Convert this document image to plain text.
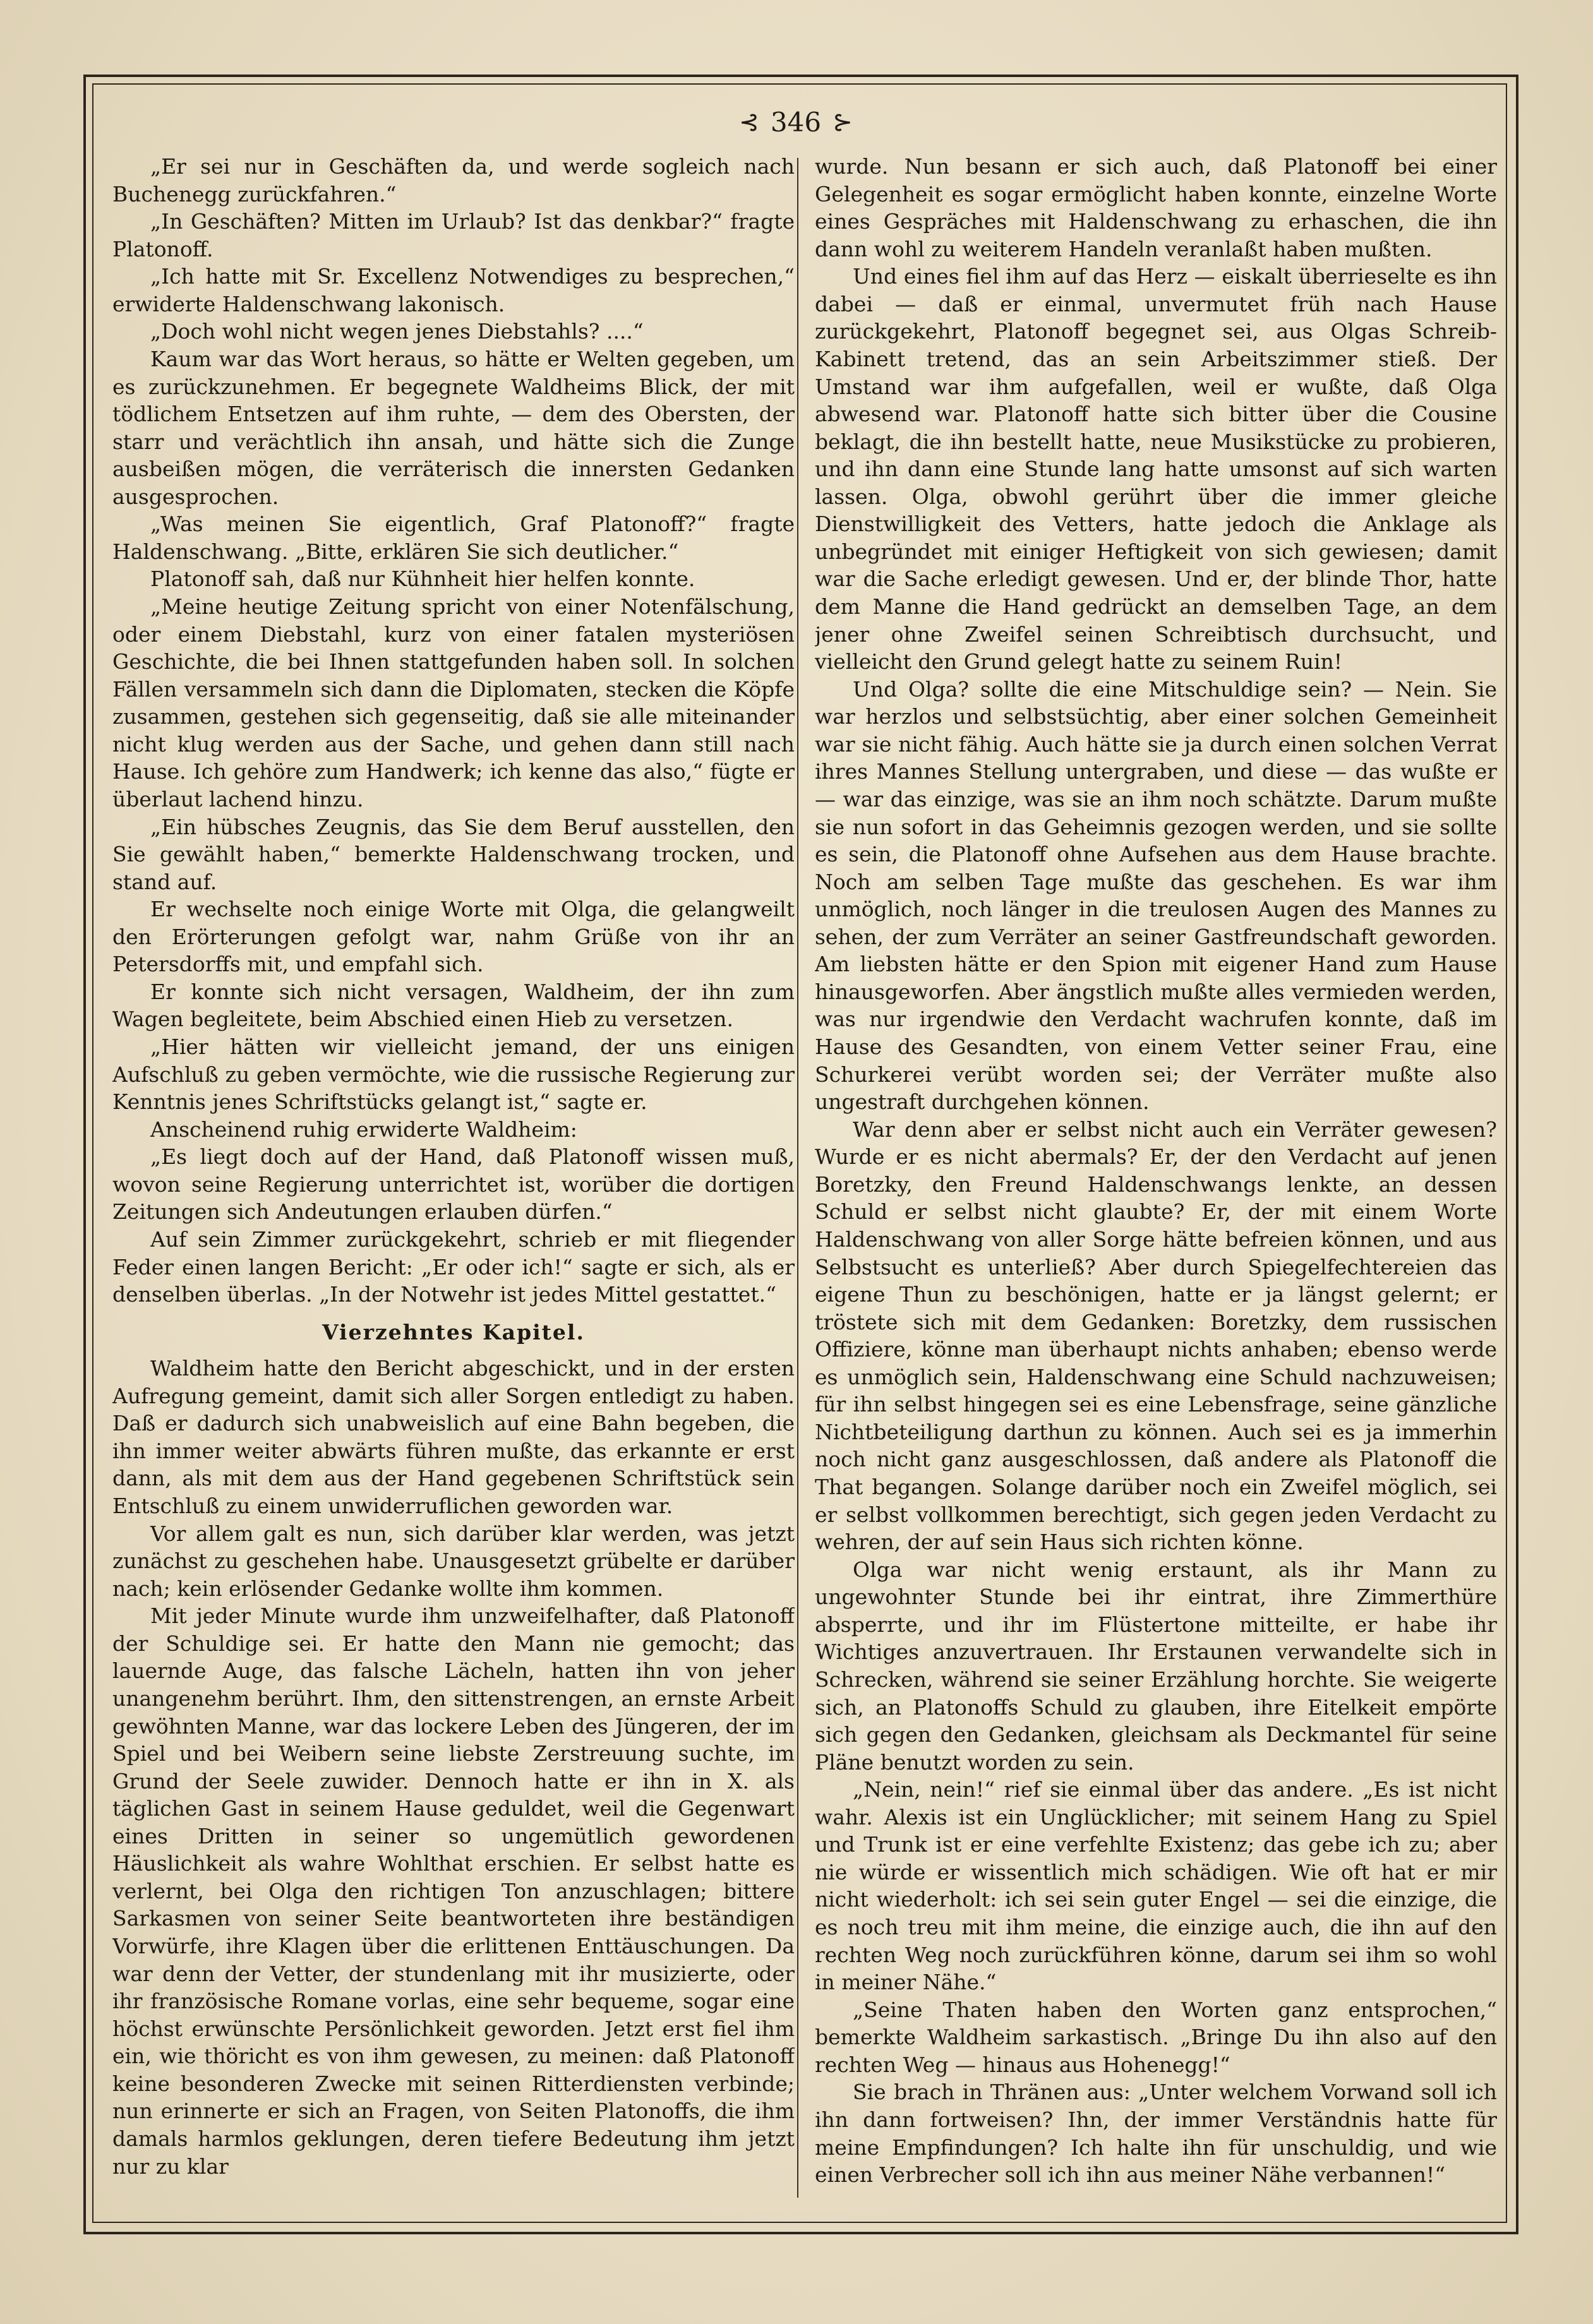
⊰ 346 ⊱

„Er sei nur in Geschäften da, und werde sogleich nach Buchenegg zurückfahren.“

„In Geschäften? Mitten im Urlaub? Ist das denkbar?“ fragte Platonoff.

„Ich hatte mit Sr. Excellenz Notwendiges zu besprechen,“ erwiderte Haldenschwang lakonisch.

„Doch wohl nicht wegen jenes Diebstahls? ....“

Kaum war das Wort heraus, so hätte er Welten gegeben, um es zurückzunehmen. Er begegnete Waldheims Blick, der mit tödlichem Entsetzen auf ihm ruhte, — dem des Obersten, der starr und verächtlich ihn ansah, und hätte sich die Zunge ausbeißen mögen, die verräterisch die innersten Gedanken ausgesprochen.

„Was meinen Sie eigentlich, Graf Platonoff?“ fragte Haldenschwang. „Bitte, erklären Sie sich deutlicher.“

Platonoff sah, daß nur Kühnheit hier helfen konnte.

„Meine heutige Zeitung spricht von einer Notenfälschung, oder einem Diebstahl, kurz von einer fatalen mysteriösen Geschichte, die bei Ihnen stattgefunden haben soll. In solchen Fällen versammeln sich dann die Diplomaten, stecken die Köpfe zusammen, gestehen sich gegenseitig, daß sie alle miteinander nicht klug werden aus der Sache, und gehen dann still nach Hause. Ich gehöre zum Handwerk; ich kenne das also,“ fügte er überlaut lachend hinzu.

„Ein hübsches Zeugnis, das Sie dem Beruf ausstellen, den Sie gewählt haben,“ bemerkte Haldenschwang trocken, und stand auf.

Er wechselte noch einige Worte mit Olga, die gelangweilt den Erörterungen gefolgt war, nahm Grüße von ihr an Petersdorffs mit, und empfahl sich.

Er konnte sich nicht versagen, Waldheim, der ihn zum Wagen begleitete, beim Abschied einen Hieb zu versetzen.

„Hier hätten wir vielleicht jemand, der uns einigen Aufschluß zu geben vermöchte, wie die russische Regierung zur Kenntnis jenes Schriftstücks gelangt ist,“ sagte er.

Anscheinend ruhig erwiderte Waldheim:

„Es liegt doch auf der Hand, daß Platonoff wissen muß, wovon seine Regierung unterrichtet ist, worüber die dortigen Zeitungen sich Andeutungen erlauben dürfen.“

Auf sein Zimmer zurückgekehrt, schrieb er mit fliegender Feder einen langen Bericht: „Er oder ich!“ sagte er sich, als er denselben überlas. „In der Notwehr ist jedes Mittel gestattet.“

Vierzehntes Kapitel.

Waldheim hatte den Bericht abgeschickt, und in der ersten Aufregung gemeint, damit sich aller Sorgen entledigt zu haben. Daß er dadurch sich unabweislich auf eine Bahn begeben, die ihn immer weiter abwärts führen mußte, das erkannte er erst dann, als mit dem aus der Hand gegebenen Schriftstück sein Entschluß zu einem unwiderruflichen geworden war.

Vor allem galt es nun, sich darüber klar werden, was jetzt zunächst zu geschehen habe. Unausgesetzt grübelte er darüber nach; kein erlösender Gedanke wollte ihm kommen.

Mit jeder Minute wurde ihm unzweifelhafter, daß Platonoff der Schuldige sei. Er hatte den Mann nie gemocht; das lauernde Auge, das falsche Lächeln, hatten ihn von jeher unangenehm berührt. Ihm, den sittenstrengen, an ernste Arbeit gewöhnten Manne, war das lockere Leben des Jüngeren, der im Spiel und bei Weibern seine liebste Zerstreuung suchte, im Grund der Seele zuwider. Dennoch hatte er ihn in X. als täglichen Gast in seinem Hause geduldet, weil die Gegenwart eines Dritten in seiner so ungemütlich gewordenen Häuslichkeit als wahre Wohlthat erschien. Er selbst hatte es verlernt, bei Olga den richtigen Ton anzuschlagen; bittere Sarkasmen von seiner Seite beantworteten ihre beständigen Vorwürfe, ihre Klagen über die erlittenen Enttäuschungen. Da war denn der Vetter, der stundenlang mit ihr musizierte, oder ihr französische Romane vorlas, eine sehr bequeme, sogar eine höchst erwünschte Persönlichkeit geworden. Jetzt erst fiel ihm ein, wie thöricht es von ihm gewesen, zu meinen: daß Platonoff keine besonderen Zwecke mit seinen Ritterdiensten verbinde; nun erinnerte er sich an Fragen, von Seiten Platonoffs, die ihm damals harmlos geklungen, deren tiefere Bedeutung ihm jetzt nur zu klar

wurde. Nun besann er sich auch, daß Platonoff bei einer Gelegenheit es sogar ermöglicht haben konnte, einzelne Worte eines Gespräches mit Haldenschwang zu erhaschen, die ihn dann wohl zu weiterem Handeln veranlaßt haben mußten.

Und eines fiel ihm auf das Herz — eiskalt überrieselte es ihn dabei — daß er einmal, unvermutet früh nach Hause zurückgekehrt, Platonoff begegnet sei, aus Olgas Schreib-Kabinett tretend, das an sein Arbeitszimmer stieß. Der Umstand war ihm aufgefallen, weil er wußte, daß Olga abwesend war. Platonoff hatte sich bitter über die Cousine beklagt, die ihn bestellt hatte, neue Musikstücke zu probieren, und ihn dann eine Stunde lang hatte umsonst auf sich warten lassen. Olga, obwohl gerührt über die immer gleiche Dienstwilligkeit des Vetters, hatte jedoch die Anklage als unbegründet mit einiger Heftigkeit von sich gewiesen; damit war die Sache erledigt gewesen. Und er, der blinde Thor, hatte dem Manne die Hand gedrückt an demselben Tage, an dem jener ohne Zweifel seinen Schreibtisch durchsucht, und vielleicht den Grund gelegt hatte zu seinem Ruin!

Und Olga? sollte die eine Mitschuldige sein? — Nein. Sie war herzlos und selbstsüchtig, aber einer solchen Gemeinheit war sie nicht fähig. Auch hätte sie ja durch einen solchen Verrat ihres Mannes Stellung untergraben, und diese — das wußte er — war das einzige, was sie an ihm noch schätzte. Darum mußte sie nun sofort in das Geheimnis gezogen werden, und sie sollte es sein, die Platonoff ohne Aufsehen aus dem Hause brachte. Noch am selben Tage mußte das geschehen. Es war ihm unmöglich, noch länger in die treulosen Augen des Mannes zu sehen, der zum Verräter an seiner Gastfreundschaft geworden. Am liebsten hätte er den Spion mit eigener Hand zum Hause hinausgeworfen. Aber ängstlich mußte alles vermieden werden, was nur irgendwie den Verdacht wachrufen konnte, daß im Hause des Gesandten, von einem Vetter seiner Frau, eine Schurkerei verübt worden sei; der Verräter mußte also ungestraft durchgehen können.

War denn aber er selbst nicht auch ein Verräter gewesen? Wurde er es nicht abermals? Er, der den Verdacht auf jenen Boretzky, den Freund Haldenschwangs lenkte, an dessen Schuld er selbst nicht glaubte? Er, der mit einem Worte Haldenschwang von aller Sorge hätte befreien können, und aus Selbstsucht es unterließ? Aber durch Spiegelfechtereien das eigene Thun zu beschönigen, hatte er ja längst gelernt; er tröstete sich mit dem Gedanken: Boretzky, dem russischen Offiziere, könne man überhaupt nichts anhaben; ebenso werde es unmöglich sein, Haldenschwang eine Schuld nachzuweisen; für ihn selbst hingegen sei es eine Lebensfrage, seine gänzliche Nichtbeteiligung darthun zu können. Auch sei es ja immerhin noch nicht ganz ausgeschlossen, daß andere als Platonoff die That begangen. Solange darüber noch ein Zweifel möglich, sei er selbst vollkommen berechtigt, sich gegen jeden Verdacht zu wehren, der auf sein Haus sich richten könne.

Olga war nicht wenig erstaunt, als ihr Mann zu ungewohnter Stunde bei ihr eintrat, ihre Zimmerthüre absperrte, und ihr im Flüstertone mitteilte, er habe ihr Wichtiges anzuvertrauen. Ihr Erstaunen verwandelte sich in Schrecken, während sie seiner Erzählung horchte. Sie weigerte sich, an Platonoffs Schuld zu glauben, ihre Eitelkeit empörte sich gegen den Gedanken, gleichsam als Deckmantel für seine Pläne benutzt worden zu sein.

„Nein, nein!“ rief sie einmal über das andere. „Es ist nicht wahr. Alexis ist ein Unglücklicher; mit seinem Hang zu Spiel und Trunk ist er eine verfehlte Existenz; das gebe ich zu; aber nie würde er wissentlich mich schädigen. Wie oft hat er mir nicht wiederholt: ich sei sein guter Engel — sei die einzige, die es noch treu mit ihm meine, die einzige auch, die ihn auf den rechten Weg noch zurückführen könne, darum sei ihm so wohl in meiner Nähe.“

„Seine Thaten haben den Worten ganz entsprochen,“ bemerkte Waldheim sarkastisch. „Bringe Du ihn also auf den rechten Weg — hinaus aus Hohenegg!“

Sie brach in Thränen aus: „Unter welchem Vorwand soll ich ihn dann fortweisen? Ihn, der immer Verständnis hatte für meine Empfindungen? Ich halte ihn für unschuldig, und wie einen Verbrecher soll ich ihn aus meiner Nähe verbannen!“
